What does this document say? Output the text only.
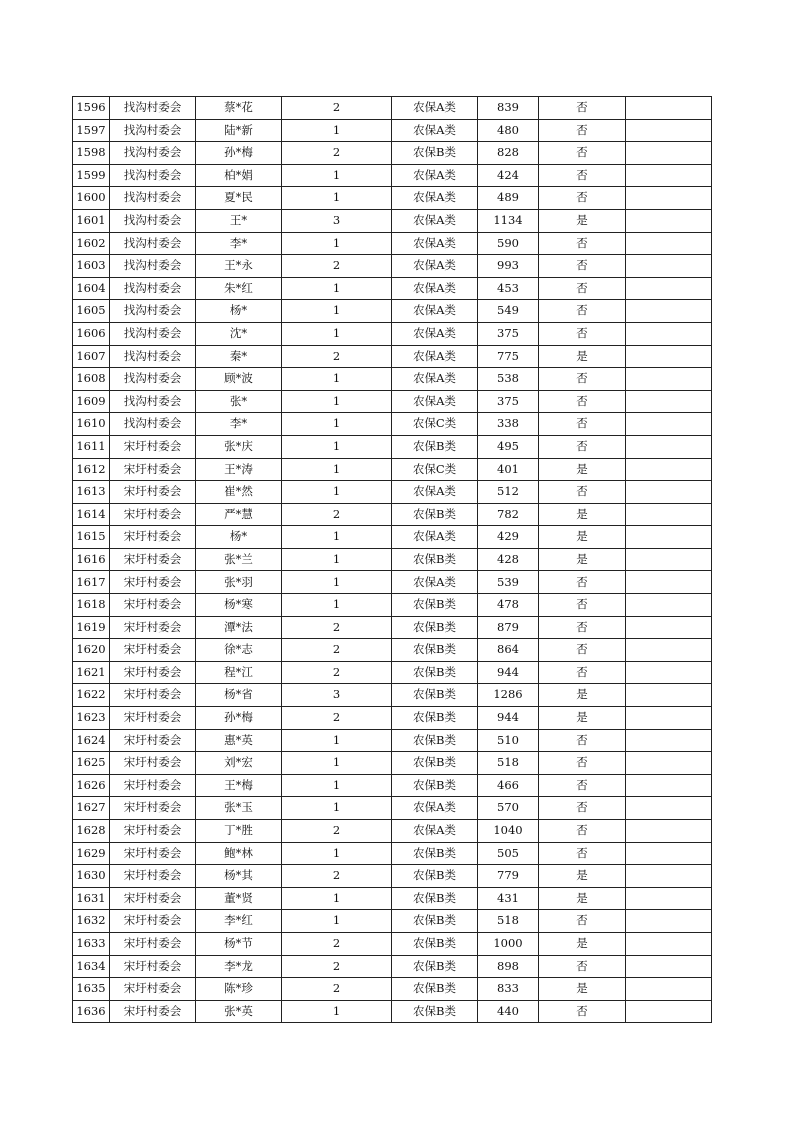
1596	找沟村委会	蔡*花	2	农保A类	839	否	
1597	找沟村委会	陆*新	1	农保A类	480	否	
1598	找沟村委会	孙*梅	2	农保B类	828	否	
1599	找沟村委会	柏*娟	1	农保A类	424	否	
1600	找沟村委会	夏*民	1	农保A类	489	否	
1601	找沟村委会	王*	3	农保A类	1134	是	
1602	找沟村委会	李*	1	农保A类	590	否	
1603	找沟村委会	王*永	2	农保A类	993	否	
1604	找沟村委会	朱*红	1	农保A类	453	否	
1605	找沟村委会	杨*	1	农保A类	549	否	
1606	找沟村委会	沈*	1	农保A类	375	否	
1607	找沟村委会	秦*	2	农保A类	775	是	
1608	找沟村委会	顾*波	1	农保A类	538	否	
1609	找沟村委会	张*	1	农保A类	375	否	
1610	找沟村委会	李*	1	农保C类	338	否	
1611	宋圩村委会	张*庆	1	农保B类	495	否	
1612	宋圩村委会	王*涛	1	农保C类	401	是	
1613	宋圩村委会	崔*然	1	农保A类	512	否	
1614	宋圩村委会	严*慧	2	农保B类	782	是	
1615	宋圩村委会	杨*	1	农保A类	429	是	
1616	宋圩村委会	张*兰	1	农保B类	428	是	
1617	宋圩村委会	张*羽	1	农保A类	539	否	
1618	宋圩村委会	杨*寒	1	农保B类	478	否	
1619	宋圩村委会	潭*法	2	农保B类	879	否	
1620	宋圩村委会	徐*志	2	农保B类	864	否	
1621	宋圩村委会	程*江	2	农保B类	944	否	
1622	宋圩村委会	杨*省	3	农保B类	1286	是	
1623	宋圩村委会	孙*梅	2	农保B类	944	是	
1624	宋圩村委会	惠*英	1	农保B类	510	否	
1625	宋圩村委会	刘*宏	1	农保B类	518	否	
1626	宋圩村委会	王*梅	1	农保B类	466	否	
1627	宋圩村委会	张*玉	1	农保A类	570	否	
1628	宋圩村委会	丁*胜	2	农保A类	1040	否	
1629	宋圩村委会	鲍*林	1	农保B类	505	否	
1630	宋圩村委会	杨*其	2	农保B类	779	是	
1631	宋圩村委会	董*贤	1	农保B类	431	是	
1632	宋圩村委会	李*红	1	农保B类	518	否	
1633	宋圩村委会	杨*节	2	农保B类	1000	是	
1634	宋圩村委会	李*龙	2	农保B类	898	否	
1635	宋圩村委会	陈*珍	2	农保B类	833	是	
1636	宋圩村委会	张*英	1	农保B类	440	否	
